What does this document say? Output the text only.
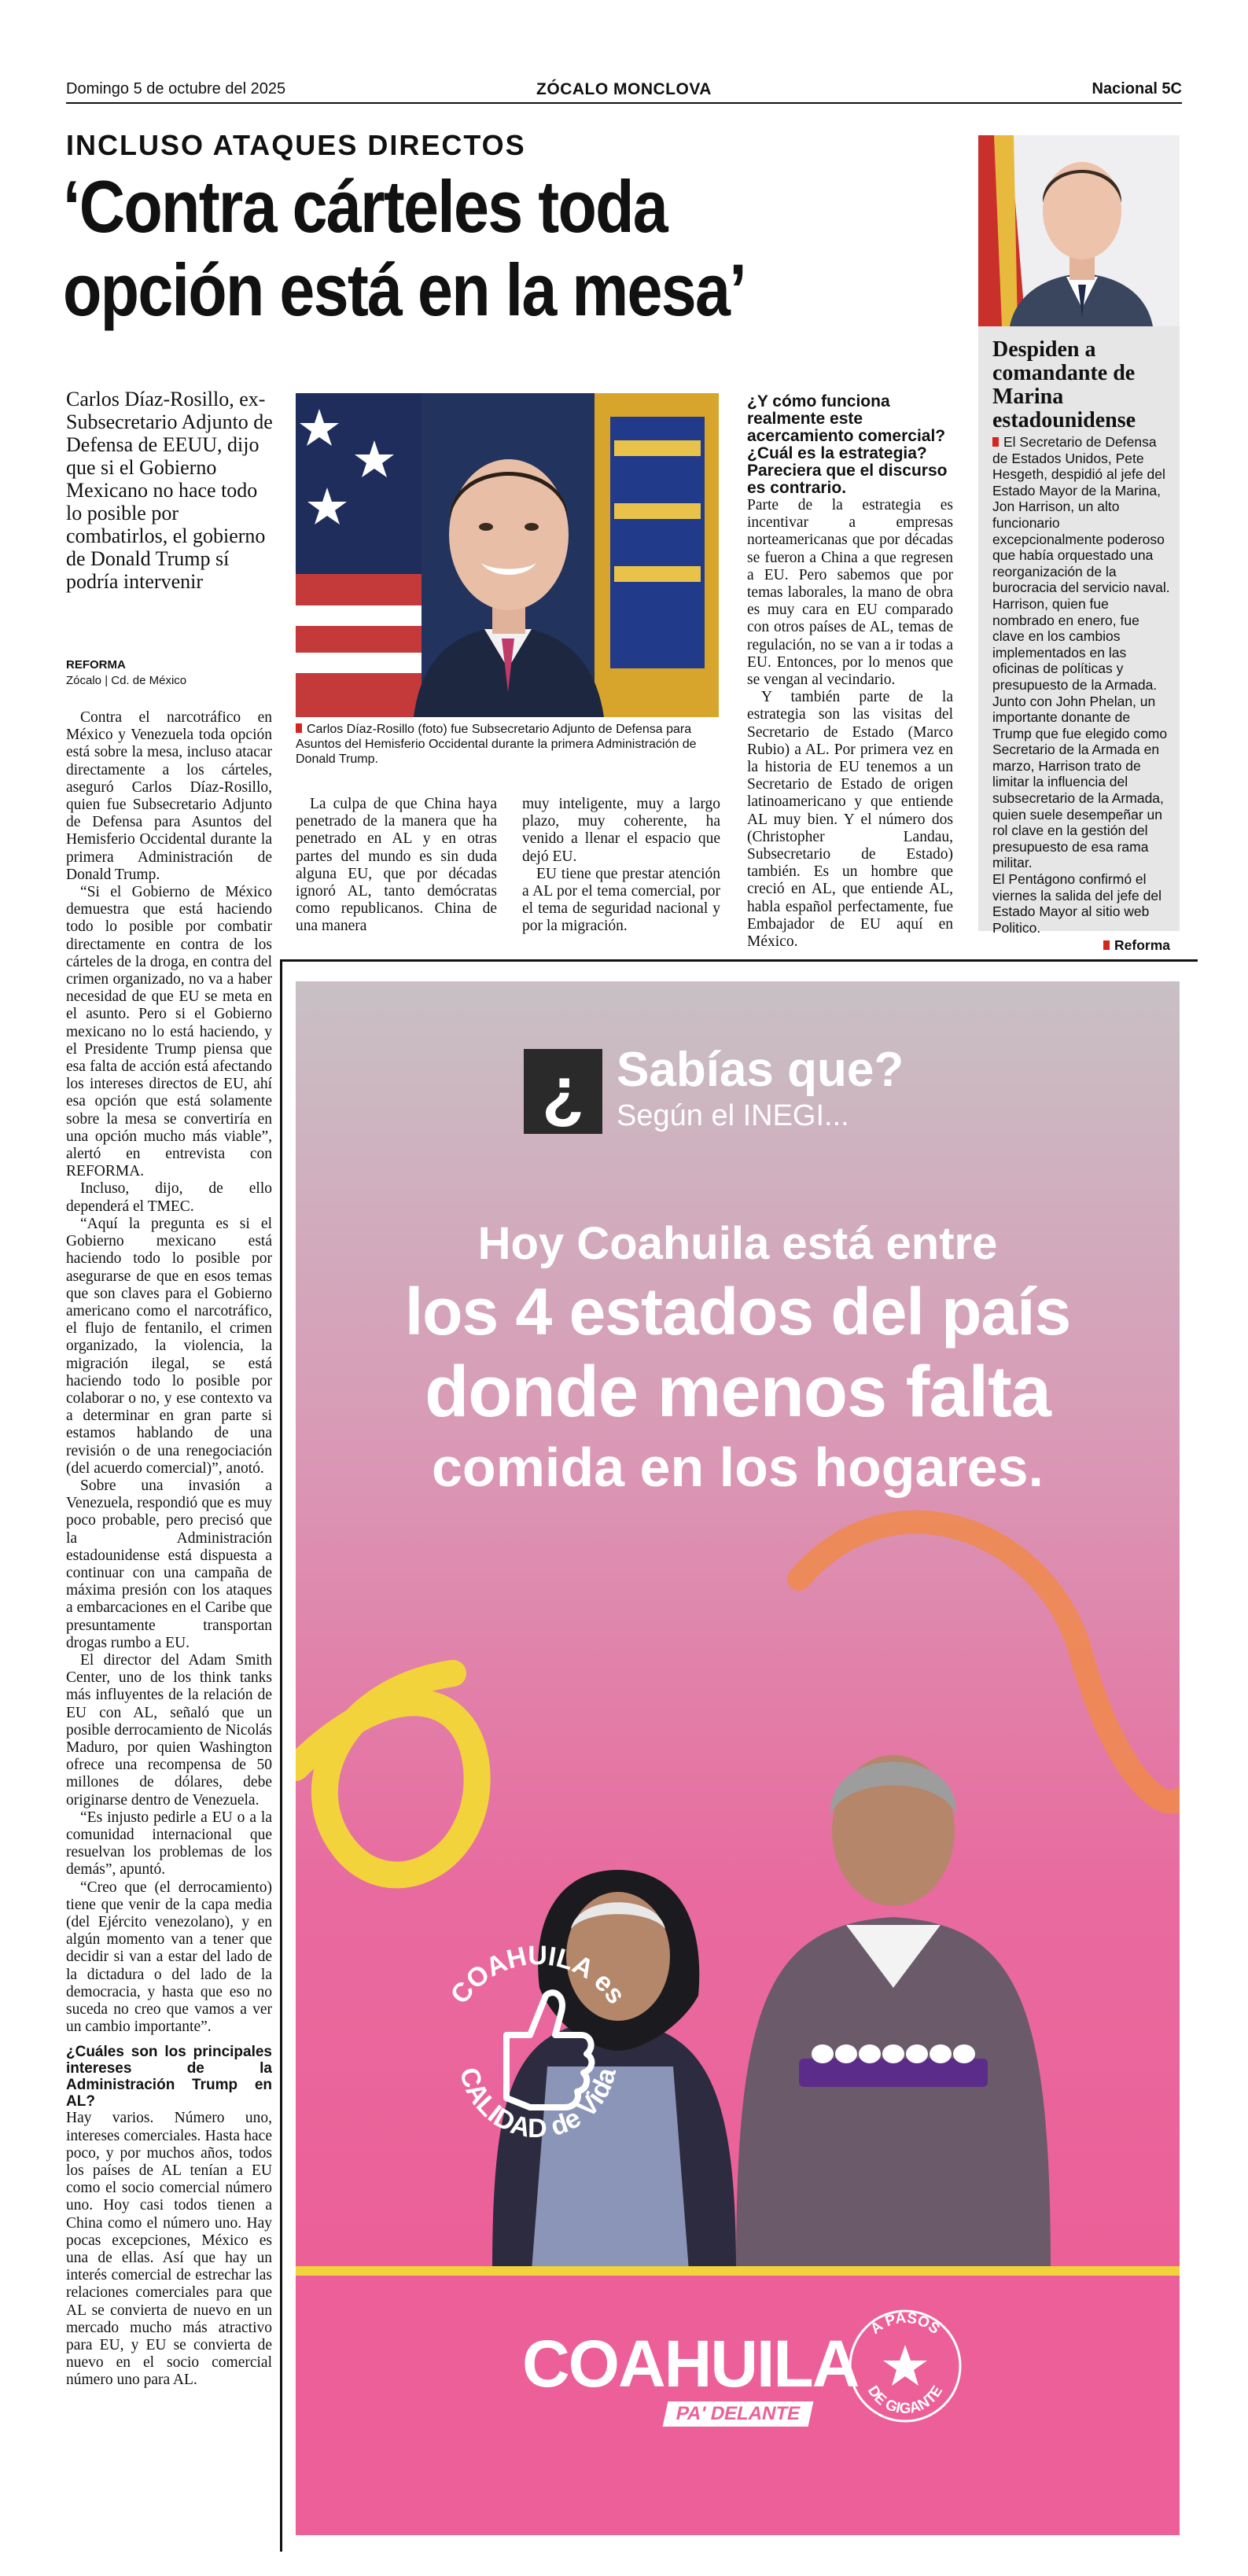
Domingo 5 de octubre del 2025	ZÓCALO MONCLOVA	Nacional 5C
INCLUSO ATAQUES DIRECTOS
‘Contra cárteles toda
opción está en la mesa’
Carlos Díaz-Rosillo, ex-Subsecretario Adjunto de Defensa de EEUU, dijo que si el Gobierno Mexicano no hace todo lo posible por combatirlos, el gobierno de Donald Trump sí podría intervenir
REFORMA
Zócalo | Cd. de México

Contra el narcotráfico en México y Venezuela toda opción está sobre la mesa, incluso atacar directamente a los cárteles, aseguró Carlos Díaz-Rosillo, quien fue Subsecretario Adjunto de Defensa para Asuntos del Hemisferio Occidental durante la primera Administración de Donald Trump.

“Si el Gobierno de México demuestra que está haciendo todo lo posible por combatir directamente en contra de los cárteles de la droga, en contra del crimen organizado, no va a haber necesidad de que EU se meta en el asunto. Pero si el Gobierno mexicano no lo está haciendo, y el Presidente Trump piensa que esa falta de acción está afectando los intereses directos de EU, ahí esa opción que está solamente sobre la mesa se convertiría en una opción mucho más viable”, alertó en entrevista con REFORMA.

Incluso, dijo, de ello dependerá el TMEC.

“Aquí la pregunta es si el Gobierno mexicano está haciendo todo lo posible por asegurarse de que en esos temas que son claves para el Gobierno americano como el narcotráfico, el flujo de fentanilo, el crimen organizado, la violencia, la migración ilegal, se está haciendo todo lo posible por colaborar o no, y ese contexto va a determinar en gran parte si estamos hablando de una revisión o de una renegociación (del acuerdo comercial)”, anotó.

Sobre una invasión a Venezuela, respondió que es muy poco probable, pero precisó que la Administración estadounidense está dispuesta a continuar con una campaña de máxima presión con los ataques a embarcaciones en el Caribe que presuntamente transportan drogas rumbo a EU.

El director del Adam Smith Center, uno de los think tanks más influyentes de la relación de EU con AL, señaló que un posible derrocamiento de Nicolás Maduro, por quien Washington ofrece una recompensa de 50 millones de dólares, debe originarse dentro de Venezuela.

“Es injusto pedirle a EU o a la comunidad internacional que resuelvan los problemas de los demás”, apuntó.

“Creo que (el derrocamiento) tiene que venir de la capa media (del Ejército venezolano), y en algún momento van a tener que decidir si van a estar del lado de la dictadura o del lado de la democracia, y hasta que eso no suceda no creo que vamos a ver un cambio importante”.

¿Cuáles son los principales intereses de la Administración Trump en AL?

Hay varios. Número uno, intereses comerciales. Hasta hace poco, y por muchos años, todos los países de AL tenían a EU como el socio comercial número uno. Hoy casi todos tienen a China como el número uno. Hay pocas excepciones, México es una de ellas. Así que hay un interés comercial de estrechar las relaciones comerciales para que AL se convierta de nuevo en un mercado mucho más atractivo para EU, y EU se convierta de nuevo en el socio comercial número uno para AL.

Carlos Díaz-Rosillo (foto) fue Subsecretario Adjunto de Defensa para Asuntos del Hemisferio Occidental durante la primera Administración de Donald Trump.

La culpa de que China haya penetrado de la manera que ha penetrado en AL y en otras partes del mundo es sin duda alguna EU, que por décadas ignoró AL, tanto demócratas como republicanos. China de una manera

muy inteligente, muy a largo plazo, muy coherente, ha venido a llenar el espacio que dejó EU.

EU tiene que prestar atención a AL por el tema comercial, por el tema de seguridad nacional y por la migración.

¿Y cómo funciona realmente este acercamiento comercial? ¿Cuál es la estrategia? Pareciera que el discurso es contrario.

Parte de la estrategia es incentivar a empresas norteamericanas que por décadas se fueron a China a que regresen a EU. Pero sabemos que por temas laborales, la mano de obra es muy cara en EU comparado con otros países de AL, temas de regulación, no se van a ir todas a EU. Entonces, por lo menos que se vengan al vecindario.

Y también parte de la estrategia son las visitas del Secretario de Estado (Marco Rubio) a AL. Por primera vez en la historia de EU tenemos a un Secretario de Estado de origen latinoamericano y que entiende AL muy bien. Y el número dos (Christopher Landau, Subsecretario de Estado) también. Es un hombre que creció en AL, que entiende AL, habla español perfectamente, fue Embajador de EU aquí en México.

Despiden a comandante de Marina estadounidense

El Secretario de Defensa de Estados Unidos, Pete Hesgeth, despidió al jefe del Estado Mayor de la Marina, Jon Harrison, un alto funcionario excepcionalmente poderoso que había orquestado una reorganización de la burocracia del servicio naval.

Harrison, quien fue nombrado en enero, fue clave en los cambios implementados en las oficinas de políticas y presupuesto de la Armada.

Junto con John Phelan, un importante donante de Trump que fue elegido como Secretario de la Armada en marzo, Harrison trato de limitar la influencia del subsecretario de la Armada, quien suele desempeñar un rol clave en la gestión del presupuesto de esa rama militar.

El Pentágono confirmó el viernes la salida del jefe del Estado Mayor al sitio web Politico.

Reforma
¿ Sabías que?
Según el INEGI...
Hoy Coahuila está entre
los 4 estados del país
donde menos falta
comida en los hogares.
COAHUILA es
CALIDAD de Vida
COAHUILA
PA' DELANTE
A PASOS
DE GIGANTE
